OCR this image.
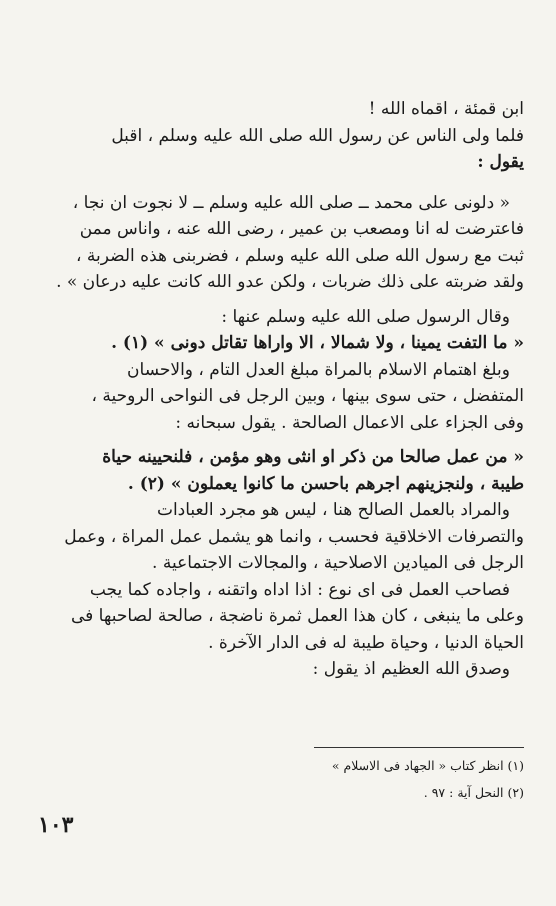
ابن قمئة ، اقماه الله !
فلما ولى الناس عن رسول الله صلى الله عليه وسلم ، اقبل
يقول :
« دلونى على محمد ــ صلى الله عليه وسلم ــ لا نجوت ان نجا ،
فاعترضت له انا ومصعب بن عمير ، رضى الله عنه ، واناس ممن
ثبت مع رسول الله صلى الله عليه وسلم ، فضربنى هذه الضربة ،
ولقد ضربته على ذلك ضربات ، ولكن عدو الله كانت عليه درعان » .
وقال الرسول صلى الله عليه وسلم عنها :
« ما التفت يمينا ، ولا شمالا ، الا واراها تقاتل دونى » (١) .
وبلغ اهتمام الاسلام بالمراة مبلغ العدل التام ، والاحسان
المتفضل ، حتى سوى بينها ، وبين الرجل فى النواحى الروحية ،
وفى الجزاء على الاعمال الصالحة . يقول سبحانه :
« من عمل صالحا من ذكر او انثى وهو مؤمن ، فلنحيينه حياة
طيبة ، ولنجزينهم اجرهم باحسن ما كانوا يعملون » (٢) .
والمراد بالعمل الصالح هنا ، ليس هو مجرد العبادات
والتصرفات الاخلاقية فحسب ، وانما هو يشمل عمل المراة ، وعمل
الرجل فى الميادين الاصلاحية ، والمجالات الاجتماعية .
فصاحب العمل فى اى نوع : اذا اداه واتقنه ، واجاده كما يجب
وعلى ما ينبغى ، كان هذا العمل ثمرة ناضجة ، صالحة لصاحبها فى
الحياة الدنيا ، وحياة طيبة له فى الدار الآخرة .
وصدق الله العظيم اذ يقول :
(١) انظر كتاب « الجهاد فى الاسلام »
(٢) النحل آية : ٩٧ .
١٠٣
